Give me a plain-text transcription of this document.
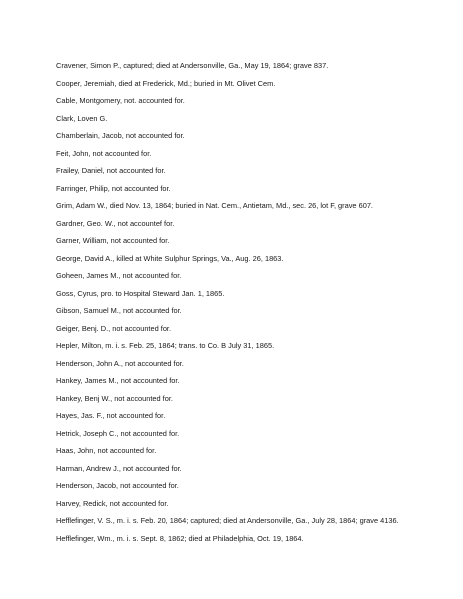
Cravener, Simon P., captured; died at Andersonville, Ga., May 19, 1864; grave 837.
Cooper, Jeremiah, died at Frederick, Md.; buried in Mt. Olivet Cem.
Cable, Montgomery, not. accounted for.
Clark, Loven G.
Chamberlain, Jacob, not accounted for.
Feit, John, not accounted for.
Frailey, Daniel, not accounted for.
Farringer, Philip, not accounted for.
Grim, Adam W., died Nov. 13, 1864; buried in Nat. Cem., Antietam, Md., sec. 26, lot F, grave 607.
Gardner, Geo. W., not accountef for.
Garner, William, not accounted for.
George, David A., killed at White Sulphur Springs, Va., Aug. 26, 1863.
Goheen, James M., not accounted for.
Goss, Cyrus, pro. to Hospital Steward Jan. 1, 1865.
Gibson, Samuel M., not accounted for.
Geiger, Benj. D., not accounted for.
Hepler, Milton, m. i. s. Feb. 25, 1864; trans. to Co. B July 31, 1865.
Henderson, John A., not accounted for.
Hankey, James M., not accounted for.
Hankey, Benj W., not accounted for.
Hayes, Jas. F., not accounted for.
Hetrick, Joseph C., not accounted for.
Haas, John, not accounted for.
Harman, Andrew J., not accounted for.
Henderson, Jacob, not accounted for.
Harvey, Redick, not accounted for.
Hefflefinger, V. S., m. i. s. Feb. 20, 1864; captured; died at Andersonville, Ga., July 28, 1864; grave 4136.
Hefflefinger, Wm., m. i. s. Sept. 8, 1862; died at Philadelphia, Oct. 19, 1864.
